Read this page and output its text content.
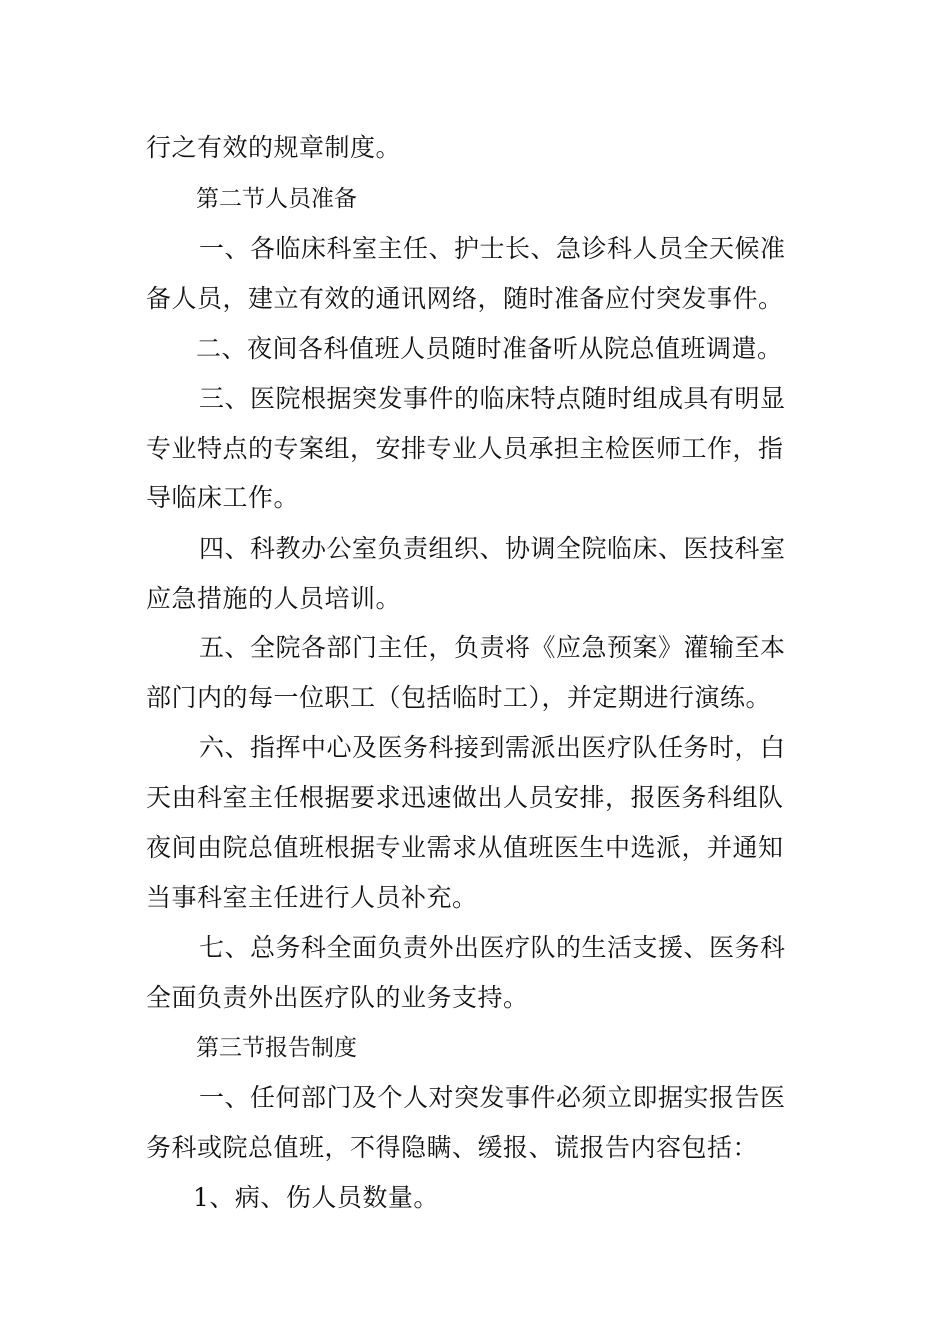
行之有效的规章制度。
第二节人员准备
一、各临床科室主任、护士长、急诊科人员全天候准
备人员，建立有效的通讯网络，随时准备应付突发事件。
二、夜间各科值班人员随时准备听从院总值班调遣。
三、医院根据突发事件的临床特点随时组成具有明显
专业特点的专案组，安排专业人员承担主检医师工作，指
导临床工作。
四、科教办公室负责组织、协调全院临床、医技科室
应急措施的人员培训。
五、全院各部门主任，负责将《应急预案》灌输至本
部门内的每一位职工（包括临时工），并定期进行演练。
六、指挥中心及医务科接到需派出医疗队任务时，白
天由科室主任根据要求迅速做出人员安排，报医务科组队
夜间由院总值班根据专业需求从值班医生中选派，并通知
当事科室主任进行人员补充。
七、总务科全面负责外出医疗队的生活支援、医务科
全面负责外出医疗队的业务支持。
第三节报告制度
一、任何部门及个人对突发事件必须立即据实报告医
务科或院总值班，不得隐瞒、缓报、谎报告内容包括：
1、病、伤人员数量。
